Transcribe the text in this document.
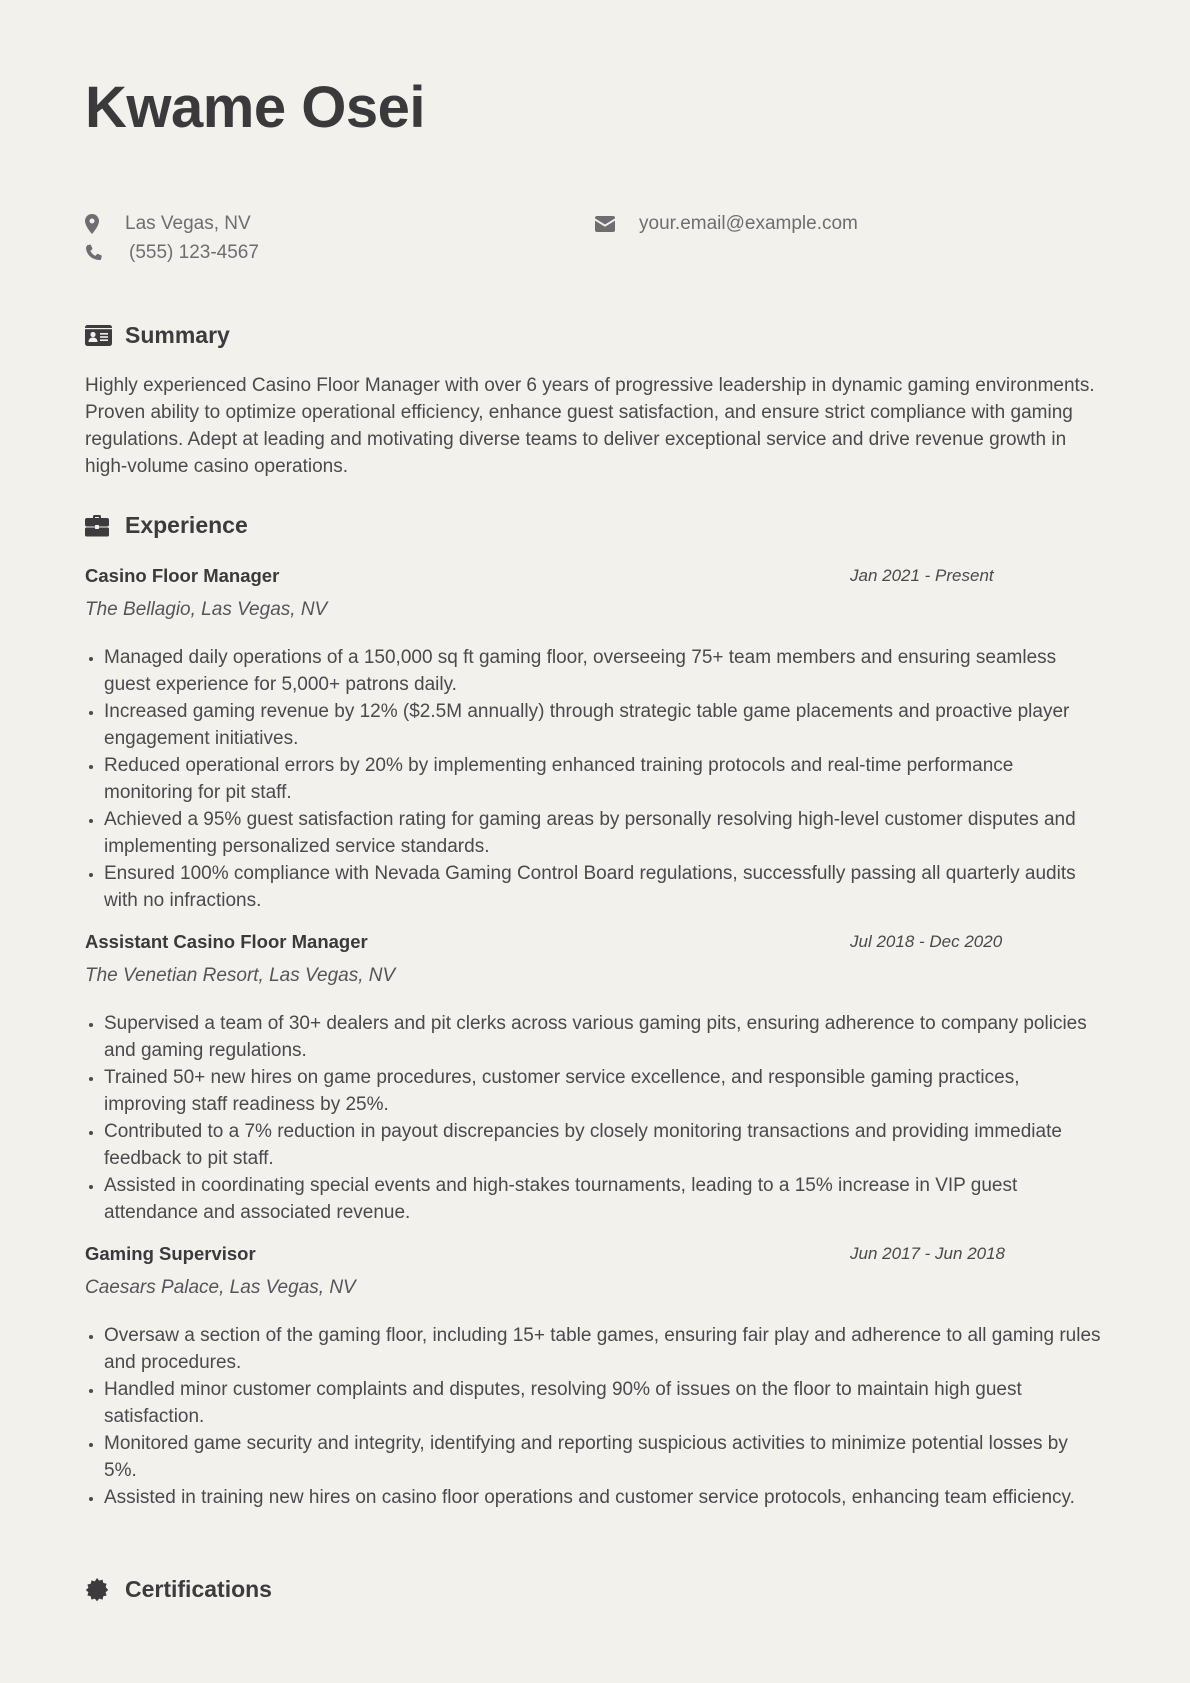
Kwame Osei
Las Vegas, NV
(555) 123-4567
your.email@example.com
Summary

Highly experienced Casino Floor Manager with over 6 years of progressive leadership in dynamic gaming environments. Proven ability to optimize operational efficiency, enhance guest satisfaction, and ensure strict compliance with gaming regulations. Adept at leading and motivating diverse teams to deliver exceptional service and drive revenue growth in high-volume casino operations.

Experience
Casino Floor Manager	Jan 2021 - Present
The Bellagio, Las Vegas, NV
Managed daily operations of a 150,000 sq ft gaming floor, overseeing 75+ team members and ensuring seamless guest experience for 5,000+ patrons daily.
Increased gaming revenue by 12% ($2.5M annually) through strategic table game placements and proactive player engagement initiatives.
Reduced operational errors by 20% by implementing enhanced training protocols and real-time performance monitoring for pit staff.
Achieved a 95% guest satisfaction rating for gaming areas by personally resolving high-level customer disputes and implementing personalized service standards.
Ensured 100% compliance with Nevada Gaming Control Board regulations, successfully passing all quarterly audits with no infractions.
Assistant Casino Floor Manager	Jul 2018 - Dec 2020
The Venetian Resort, Las Vegas, NV
Supervised a team of 30+ dealers and pit clerks across various gaming pits, ensuring adherence to company policies and gaming regulations.
Trained 50+ new hires on game procedures, customer service excellence, and responsible gaming practices, improving staff readiness by 25%.
Contributed to a 7% reduction in payout discrepancies by closely monitoring transactions and providing immediate feedback to pit staff.
Assisted in coordinating special events and high-stakes tournaments, leading to a 15% increase in VIP guest attendance and associated revenue.
Gaming Supervisor	Jun 2017 - Jun 2018
Caesars Palace, Las Vegas, NV
Oversaw a section of the gaming floor, including 15+ table games, ensuring fair play and adherence to all gaming rules and procedures.
Handled minor customer complaints and disputes, resolving 90% of issues on the floor to maintain high guest satisfaction.
Monitored game security and integrity, identifying and reporting suspicious activities to minimize potential losses by 5%.
Assisted in training new hires on casino floor operations and customer service protocols, enhancing team efficiency.
Certifications
